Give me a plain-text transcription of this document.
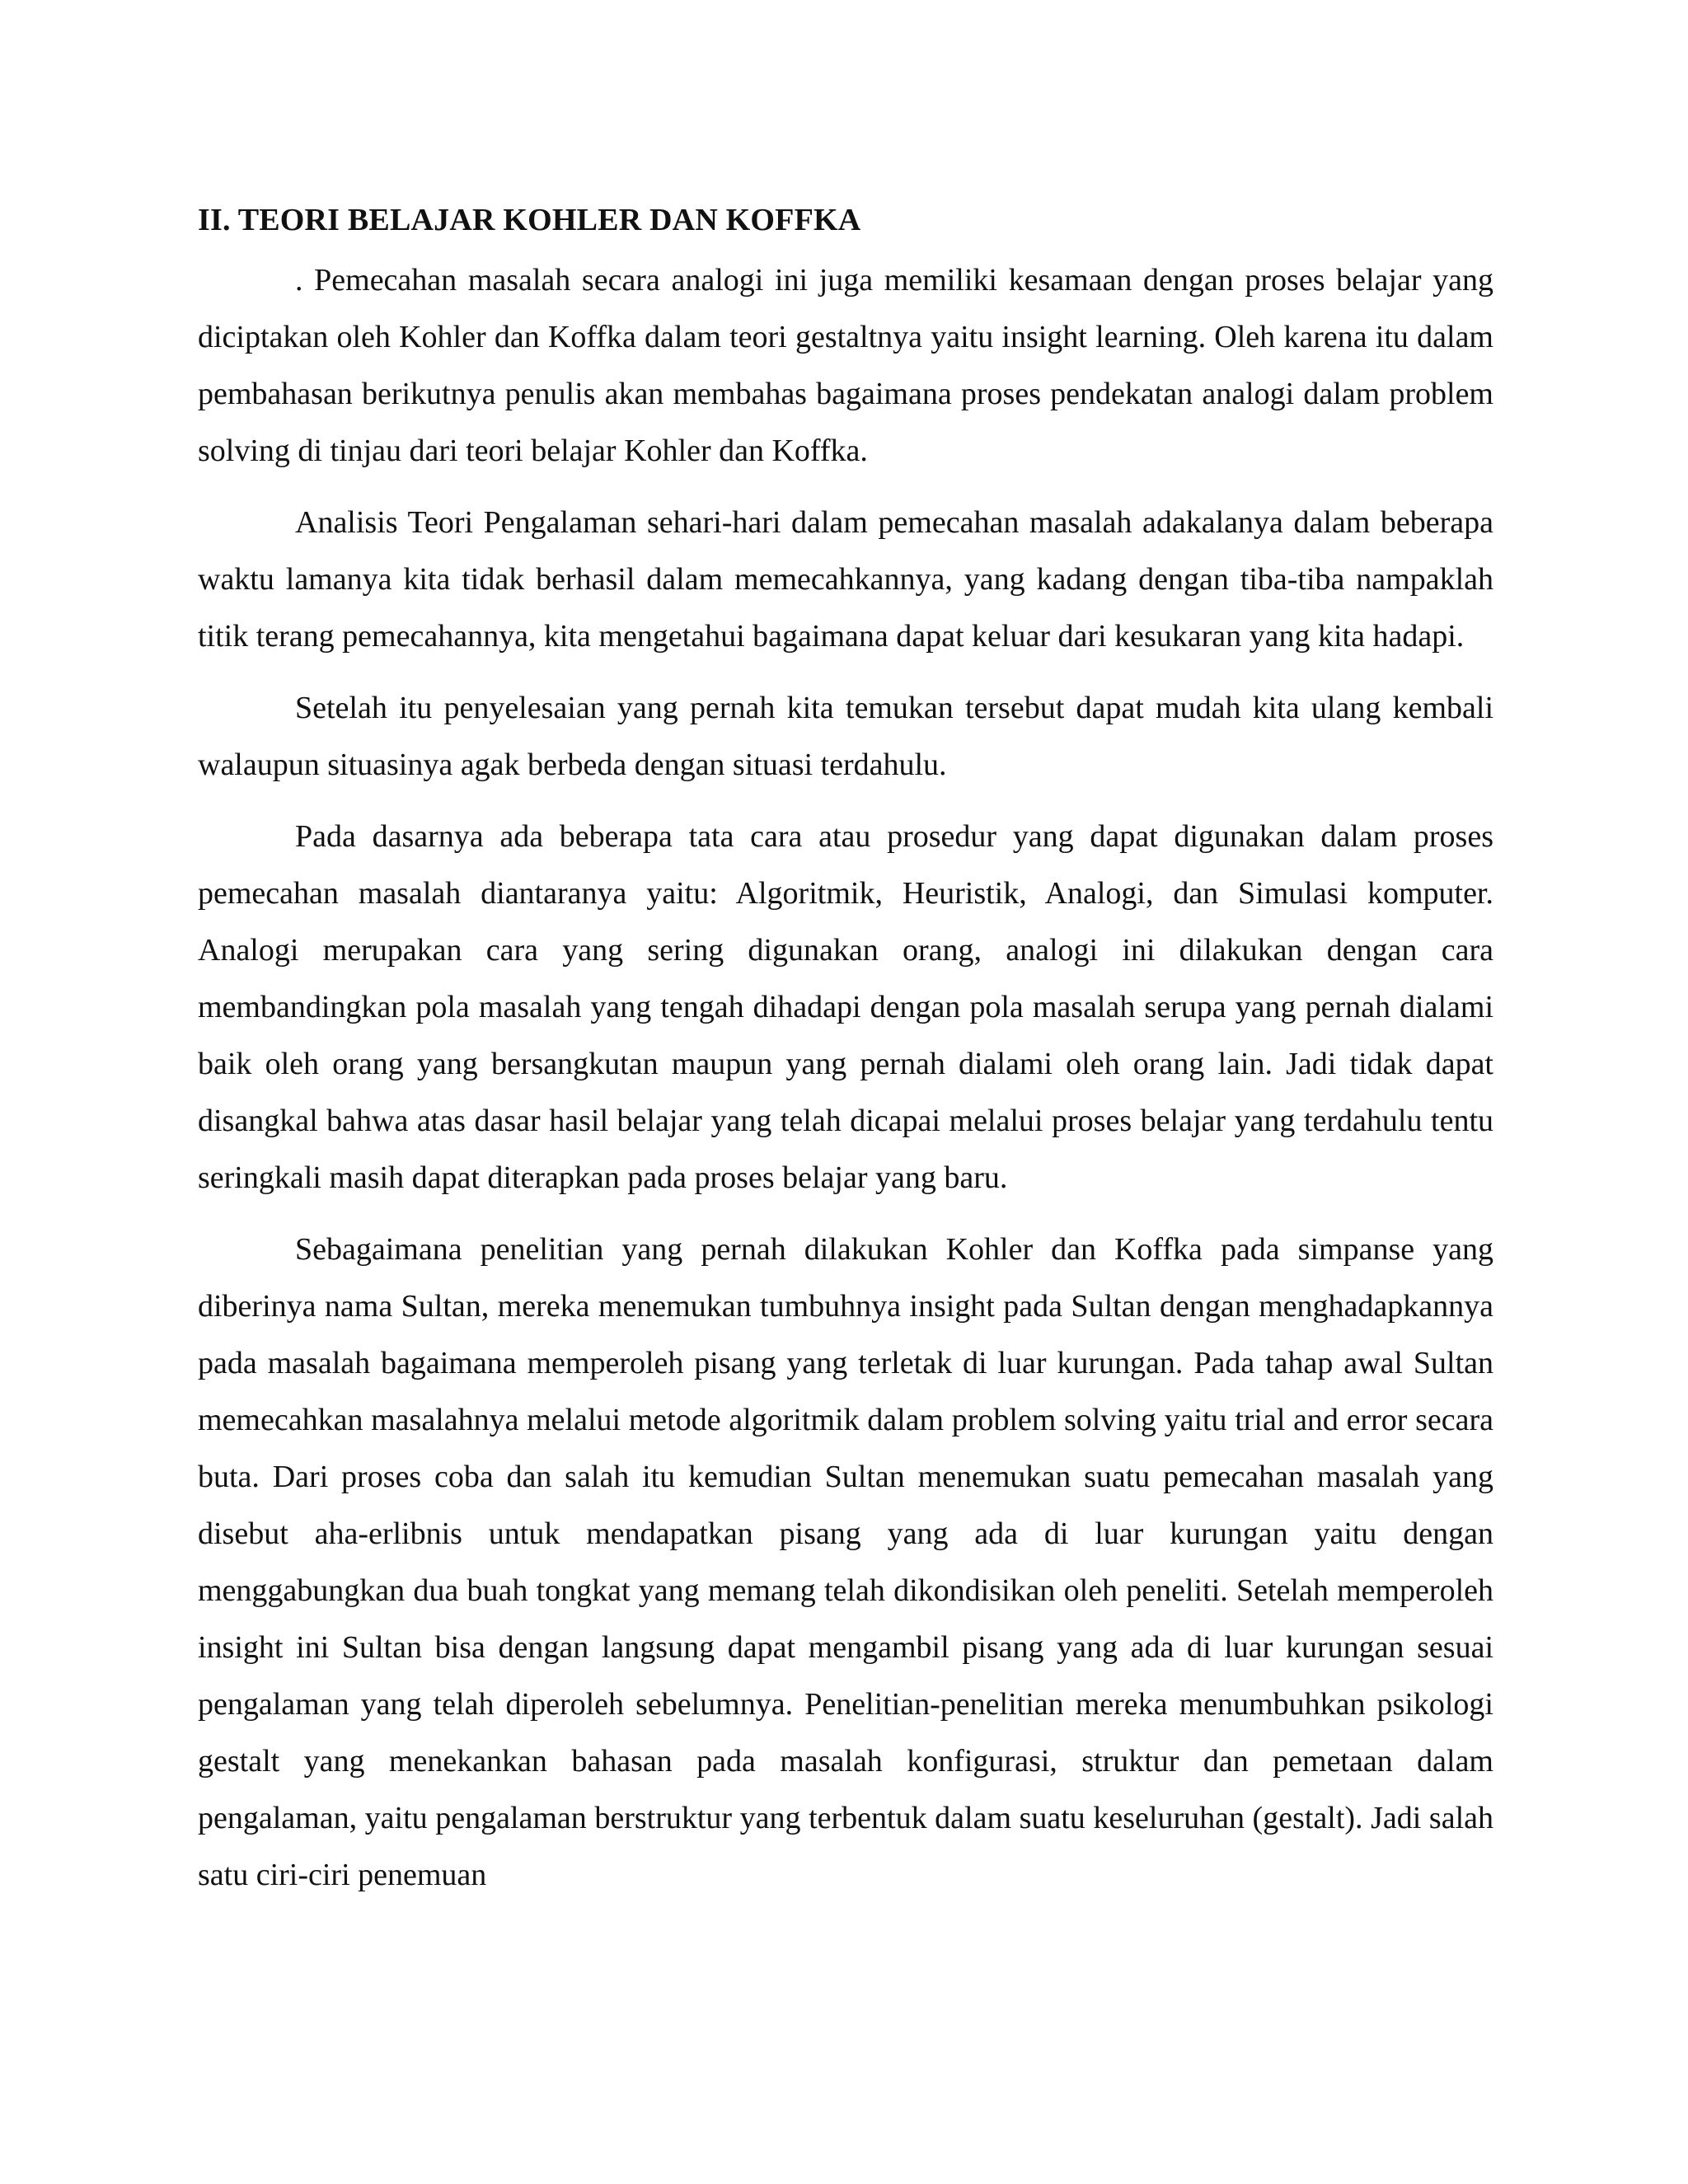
II. TEORI BELAJAR KOHLER DAN KOFFKA

. Pemecahan masalah secara analogi ini juga memiliki kesamaan dengan proses belajar yang diciptakan oleh Kohler dan Koffka dalam teori gestaltnya yaitu insight learning. Oleh karena itu dalam pembahasan berikutnya penulis akan membahas bagaimana proses pendekatan analogi dalam problem solving di tinjau dari teori belajar Kohler dan Koffka.

Analisis Teori Pengalaman sehari-hari dalam pemecahan masalah adakalanya dalam beberapa waktu lamanya kita tidak berhasil dalam memecahkannya, yang kadang dengan tiba-tiba nampaklah titik terang pemecahannya, kita mengetahui bagaimana dapat keluar dari kesukaran yang kita hadapi.

Setelah itu penyelesaian yang pernah kita temukan tersebut dapat mudah kita ulang kembali walaupun situasinya agak berbeda dengan situasi terdahulu.

Pada dasarnya ada beberapa tata cara atau prosedur yang dapat digunakan dalam proses pemecahan masalah diantaranya yaitu: Algoritmik, Heuristik, Analogi, dan Simulasi komputer. Analogi merupakan cara yang sering digunakan orang, analogi ini dilakukan dengan cara membandingkan pola masalah yang tengah dihadapi dengan pola masalah serupa yang pernah dialami baik oleh orang yang bersangkutan maupun yang pernah dialami oleh orang lain. Jadi tidak dapat disangkal bahwa atas dasar hasil belajar yang telah dicapai melalui proses belajar yang terdahulu tentu seringkali masih dapat diterapkan pada proses belajar yang baru.

Sebagaimana penelitian yang pernah dilakukan Kohler dan Koffka pada simpanse yang diberinya nama Sultan, mereka menemukan tumbuhnya insight pada Sultan dengan menghadapkannya pada masalah bagaimana memperoleh pisang yang terletak di luar kurungan. Pada tahap awal Sultan memecahkan masalahnya melalui metode algoritmik dalam problem solving yaitu trial and error secara buta. Dari proses coba dan salah itu kemudian Sultan menemukan suatu pemecahan masalah yang disebut aha-erlibnis untuk mendapatkan pisang yang ada di luar kurungan yaitu dengan menggabungkan dua buah tongkat yang memang telah dikondisikan oleh peneliti. Setelah memperoleh insight ini Sultan bisa dengan langsung dapat mengambil pisang yang ada di luar kurungan sesuai pengalaman yang telah diperoleh sebelumnya. Penelitian-penelitian mereka menumbuhkan psikologi gestalt yang menekankan bahasan pada masalah konfigurasi, struktur dan pemetaan dalam pengalaman, yaitu pengalaman berstruktur yang terbentuk dalam suatu keseluruhan (gestalt). Jadi salah satu ciri-ciri penemuan
